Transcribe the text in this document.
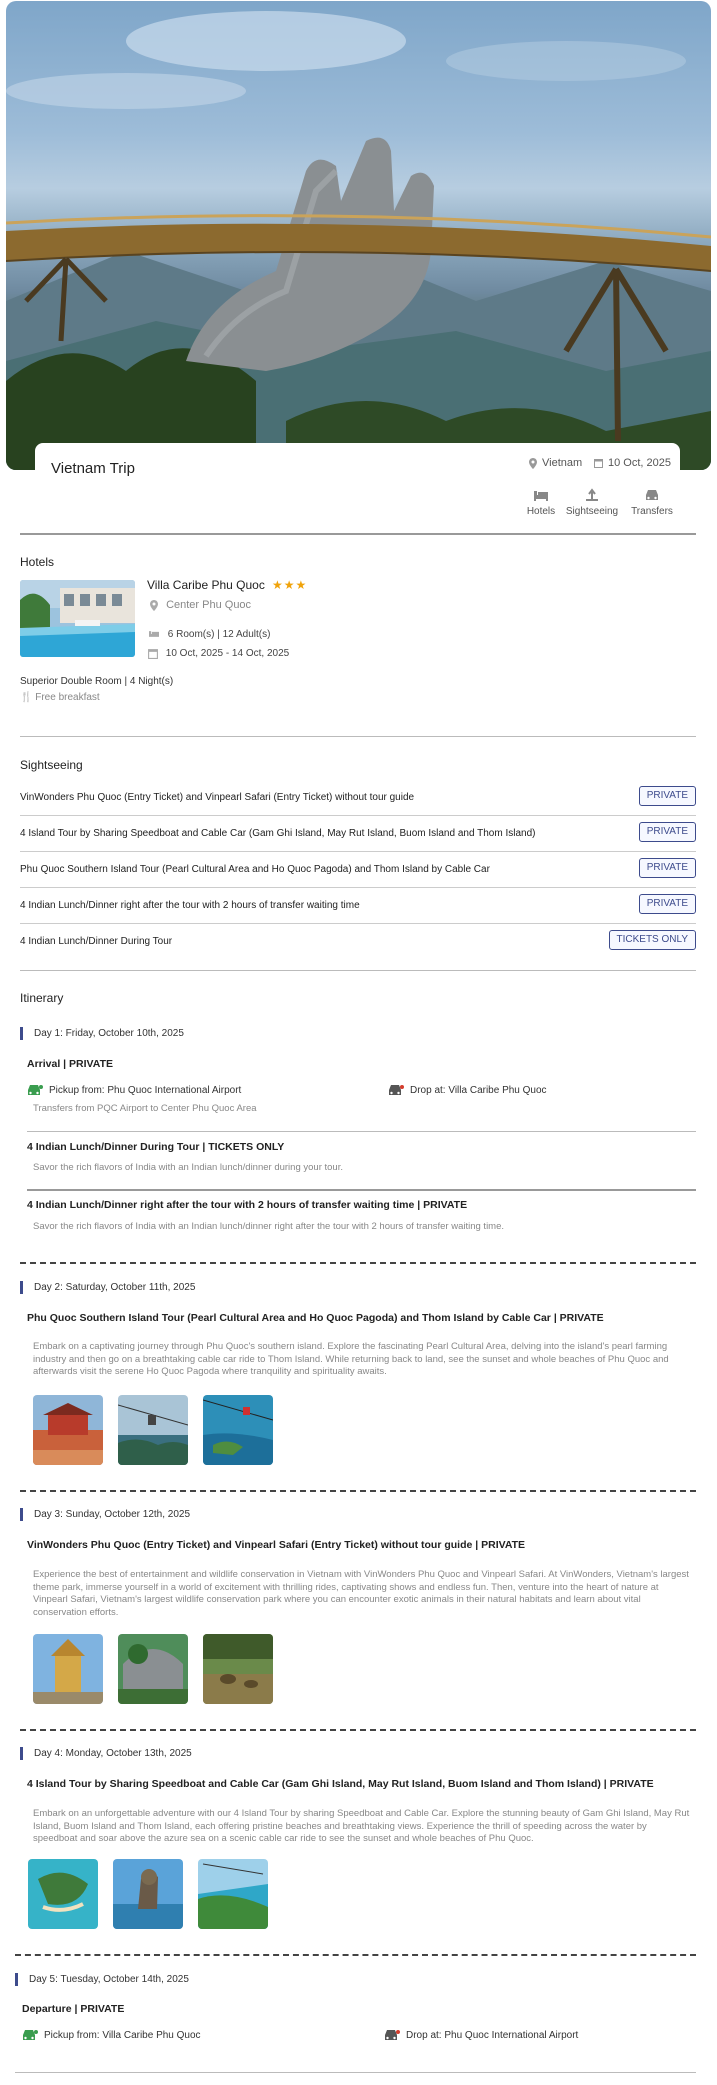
Vietnam Trip	Vietnam 10 Oct, 2025
Hotels Sightseeing Transfers
Hotels
Villa Caribe Phu Quoc ★★★
Center Phu Quoc
6 Room(s) | 12 Adult(s)
10 Oct, 2025 - 14 Oct, 2025
Superior Double Room | 4 Night(s)
🍴 Free breakfast
Sightseeing
VinWonders Phu Quoc (Entry Ticket) and Vinpearl Safari (Entry Ticket) without tour guide	PRIVATE
4 Island Tour by Sharing Speedboat and Cable Car (Gam Ghi Island, May Rut Island, Buom Island and Thom Island)	PRIVATE
Phu Quoc Southern Island Tour (Pearl Cultural Area and Ho Quoc Pagoda) and Thom Island by Cable Car	PRIVATE
4 Indian Lunch/Dinner right after the tour with 2 hours of transfer waiting time	PRIVATE
4 Indian Lunch/Dinner During Tour	TICKETS ONLY
Itinerary
Day 1: Friday, October 10th, 2025
Arrival | PRIVATE
Pickup from: Phu Quoc International Airport	Drop at: Villa Caribe Phu Quoc
Transfers from PQC Airport to Center Phu Quoc Area
4 Indian Lunch/Dinner During Tour | TICKETS ONLY
Savor the rich flavors of India with an Indian lunch/dinner during your tour.
4 Indian Lunch/Dinner right after the tour with 2 hours of transfer waiting time | PRIVATE
Savor the rich flavors of India with an Indian lunch/dinner right after the tour with 2 hours of transfer waiting time.
Day 2: Saturday, October 11th, 2025
Phu Quoc Southern Island Tour (Pearl Cultural Area and Ho Quoc Pagoda) and Thom Island by Cable Car | PRIVATE
Embark on a captivating journey through Phu Quoc's southern island. Explore the fascinating Pearl Cultural Area, delving into the island's pearl farming industry and then go on a breathtaking cable car ride to Thom Island. While returning back to land, see the sunset and whole beaches of Phu Quoc and afterwards visit the serene Ho Quoc Pagoda where tranquility and spirituality awaits.
Day 3: Sunday, October 12th, 2025
VinWonders Phu Quoc (Entry Ticket) and Vinpearl Safari (Entry Ticket) without tour guide | PRIVATE
Experience the best of entertainment and wildlife conservation in Vietnam with VinWonders Phu Quoc and Vinpearl Safari. At VinWonders, Vietnam's largest theme park, immerse yourself in a world of excitement with thrilling rides, captivating shows and endless fun. Then, venture into the heart of nature at Vinpearl Safari, Vietnam's largest wildlife conservation park where you can encounter exotic animals in their natural habitats and learn about vital conservation efforts.
Day 4: Monday, October 13th, 2025
4 Island Tour by Sharing Speedboat and Cable Car (Gam Ghi Island, May Rut Island, Buom Island and Thom Island) | PRIVATE
Embark on an unforgettable adventure with our 4 Island Tour by sharing Speedboat and Cable Car. Explore the stunning beauty of Gam Ghi Island, May Rut Island, Buom Island and Thom Island, each offering pristine beaches and breathtaking views. Experience the thrill of speeding across the water by speedboat and soar above the azure sea on a scenic cable car ride to see the sunset and whole beaches of Phu Quoc.
Day 5: Tuesday, October 14th, 2025
Departure | PRIVATE
Pickup from: Villa Caribe Phu Quoc	Drop at: Phu Quoc International Airport
